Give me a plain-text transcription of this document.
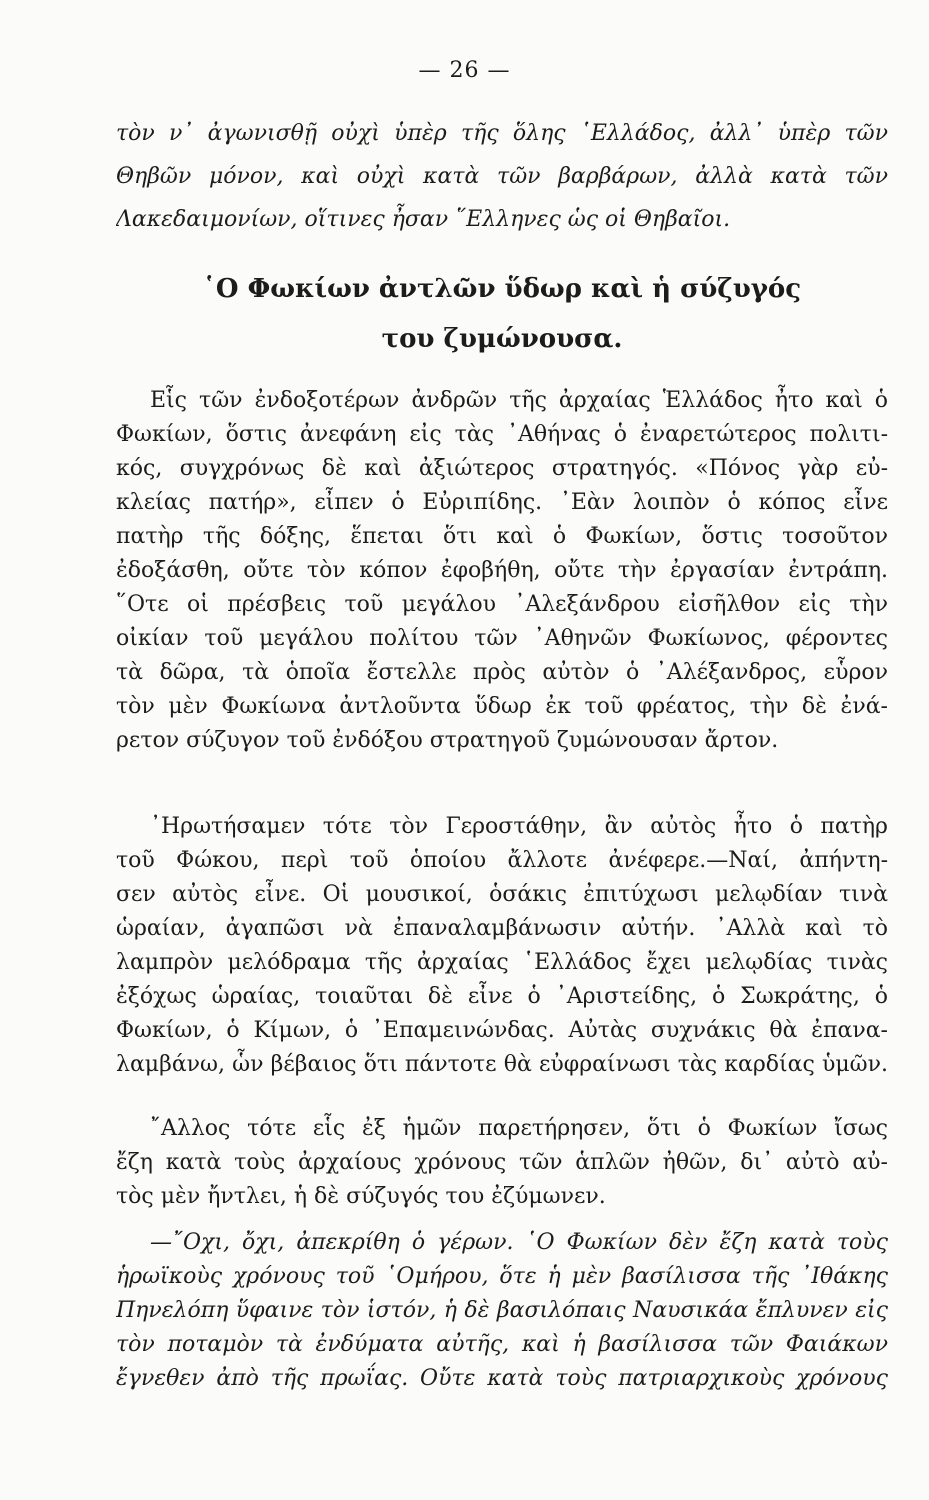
— 26 —
τὸν ν᾿ ἀγωνισθῇ οὐχὶ ὑπὲρ τῆς ὅλης ῾Ελλάδος, ἀλλ᾿ ὑπὲρ τῶν
Θηβῶν μόνον, καὶ οὐχὶ κατὰ τῶν βαρβάρων, ἀλλὰ κατὰ τῶν
Λακεδαιμονίων, οἵτινες ἦσαν ῞Ελληνες ὡς οἱ Θηβαῖοι.
῾Ο Φωκίων ἀντλῶν ὕδωρ καὶ ἡ σύζυγός
του ζυμώνουσα.
Εἷς τῶν ἐνδοξοτέρων ἀνδρῶν τῆς ἀρχαίας Ἑλλάδος ἦτο καὶ ὁ
Φωκίων, ὅστις ἀνεφάνη εἰς τὰς ᾿Αθήνας ὁ ἐναρετώτερος πολιτι-
κός, συγχρόνως δὲ καὶ ἀξιώτερος στρατηγός. «Πόνος γὰρ εὐ-
κλείας πατήρ», εἶπεν ὁ Εὐριπίδης. ᾿Εὰν λοιπὸν ὁ κόπος εἶνε
πατὴρ τῆς δόξης, ἕπεται ὅτι καὶ ὁ Φωκίων, ὅστις τοσοῦτον
ἐδοξάσθη, οὔτε τὸν κόπον ἐφοβήθη, οὔτε τὴν ἐργασίαν ἐντράπη.
῞Οτε οἱ πρέσβεις τοῦ μεγάλου ᾿Αλεξάνδρου εἰσῆλθον εἰς τὴν
οἰκίαν τοῦ μεγάλου πολίτου τῶν ᾿Αθηνῶν Φωκίωνος, φέροντες
τὰ δῶρα, τὰ ὁποῖα ἔστελλε πρὸς αὐτὸν ὁ ᾿Αλέξανδρος, εὗρον
τὸν μὲν Φωκίωνα ἀντλοῦντα ὕδωρ ἐκ τοῦ φρέατος, τὴν δὲ ἐνά-
ρετον σύζυγον τοῦ ἐνδόξου στρατηγοῦ ζυμώνουσαν ἄρτον.
᾿Ηρωτήσαμεν τότε τὸν Γεροστάθην, ἂν αὐτὸς ἦτο ὁ πατὴρ
τοῦ Φώκου, περὶ τοῦ ὁποίου ἄλλοτε ἀνέφερε.—Ναί, ἀπήντη-
σεν αὐτὸς εἶνε. Οἱ μουσικοί, ὁσάκις ἐπιτύχωσι μελῳδίαν τινὰ
ὡραίαν, ἀγαπῶσι νὰ ἐπαναλαμβάνωσιν αὐτήν. ᾿Αλλὰ καὶ τὸ
λαμπρὸν μελόδραμα τῆς ἀρχαίας ῾Ελλάδος ἔχει μελῳδίας τινὰς
ἐξόχως ὡραίας, τοιαῦται δὲ εἶνε ὁ ᾿Αριστείδης, ὁ Σωκράτης, ὁ
Φωκίων, ὁ Κίμων, ὁ ᾿Επαμεινώνδας. Αὐτὰς συχνάκις θὰ ἐπανα-
λαμβάνω, ὧν βέβαιος ὅτι πάντοτε θὰ εὐφραίνωσι τὰς καρδίας ὑμῶν.
῎Αλλος τότε εἷς ἐξ ἡμῶν παρετήρησεν, ὅτι ὁ Φωκίων ἴσως
ἔζη κατὰ τοὺς ἀρχαίους χρόνους τῶν ἁπλῶν ἠθῶν, δι᾿ αὐτὸ αὐ-
τὸς μὲν ἤντλει, ἡ δὲ σύζυγός του ἐζύμωνεν.
—῎Οχι, ὄχι, ἀπεκρίθη ὁ γέρων. ῾Ο Φωκίων δὲν ἔζη κατὰ τοὺς
ἡρωϊκοὺς χρόνους τοῦ ῾Ομήρου, ὅτε ἡ μὲν βασίλισσα τῆς ᾿Ιθάκης
Πηνελόπη ὕφαινε τὸν ἱστόν, ἡ δὲ βασιλόπαις Ναυσικάα ἔπλυνεν εἰς
τὸν ποταμὸν τὰ ἐνδύματα αὐτῆς, καὶ ἡ βασίλισσα τῶν Φαιάκων
ἔγνεθεν ἀπὸ τῆς πρωΐας. Οὔτε κατὰ τοὺς πατριαρχικοὺς χρόνους
